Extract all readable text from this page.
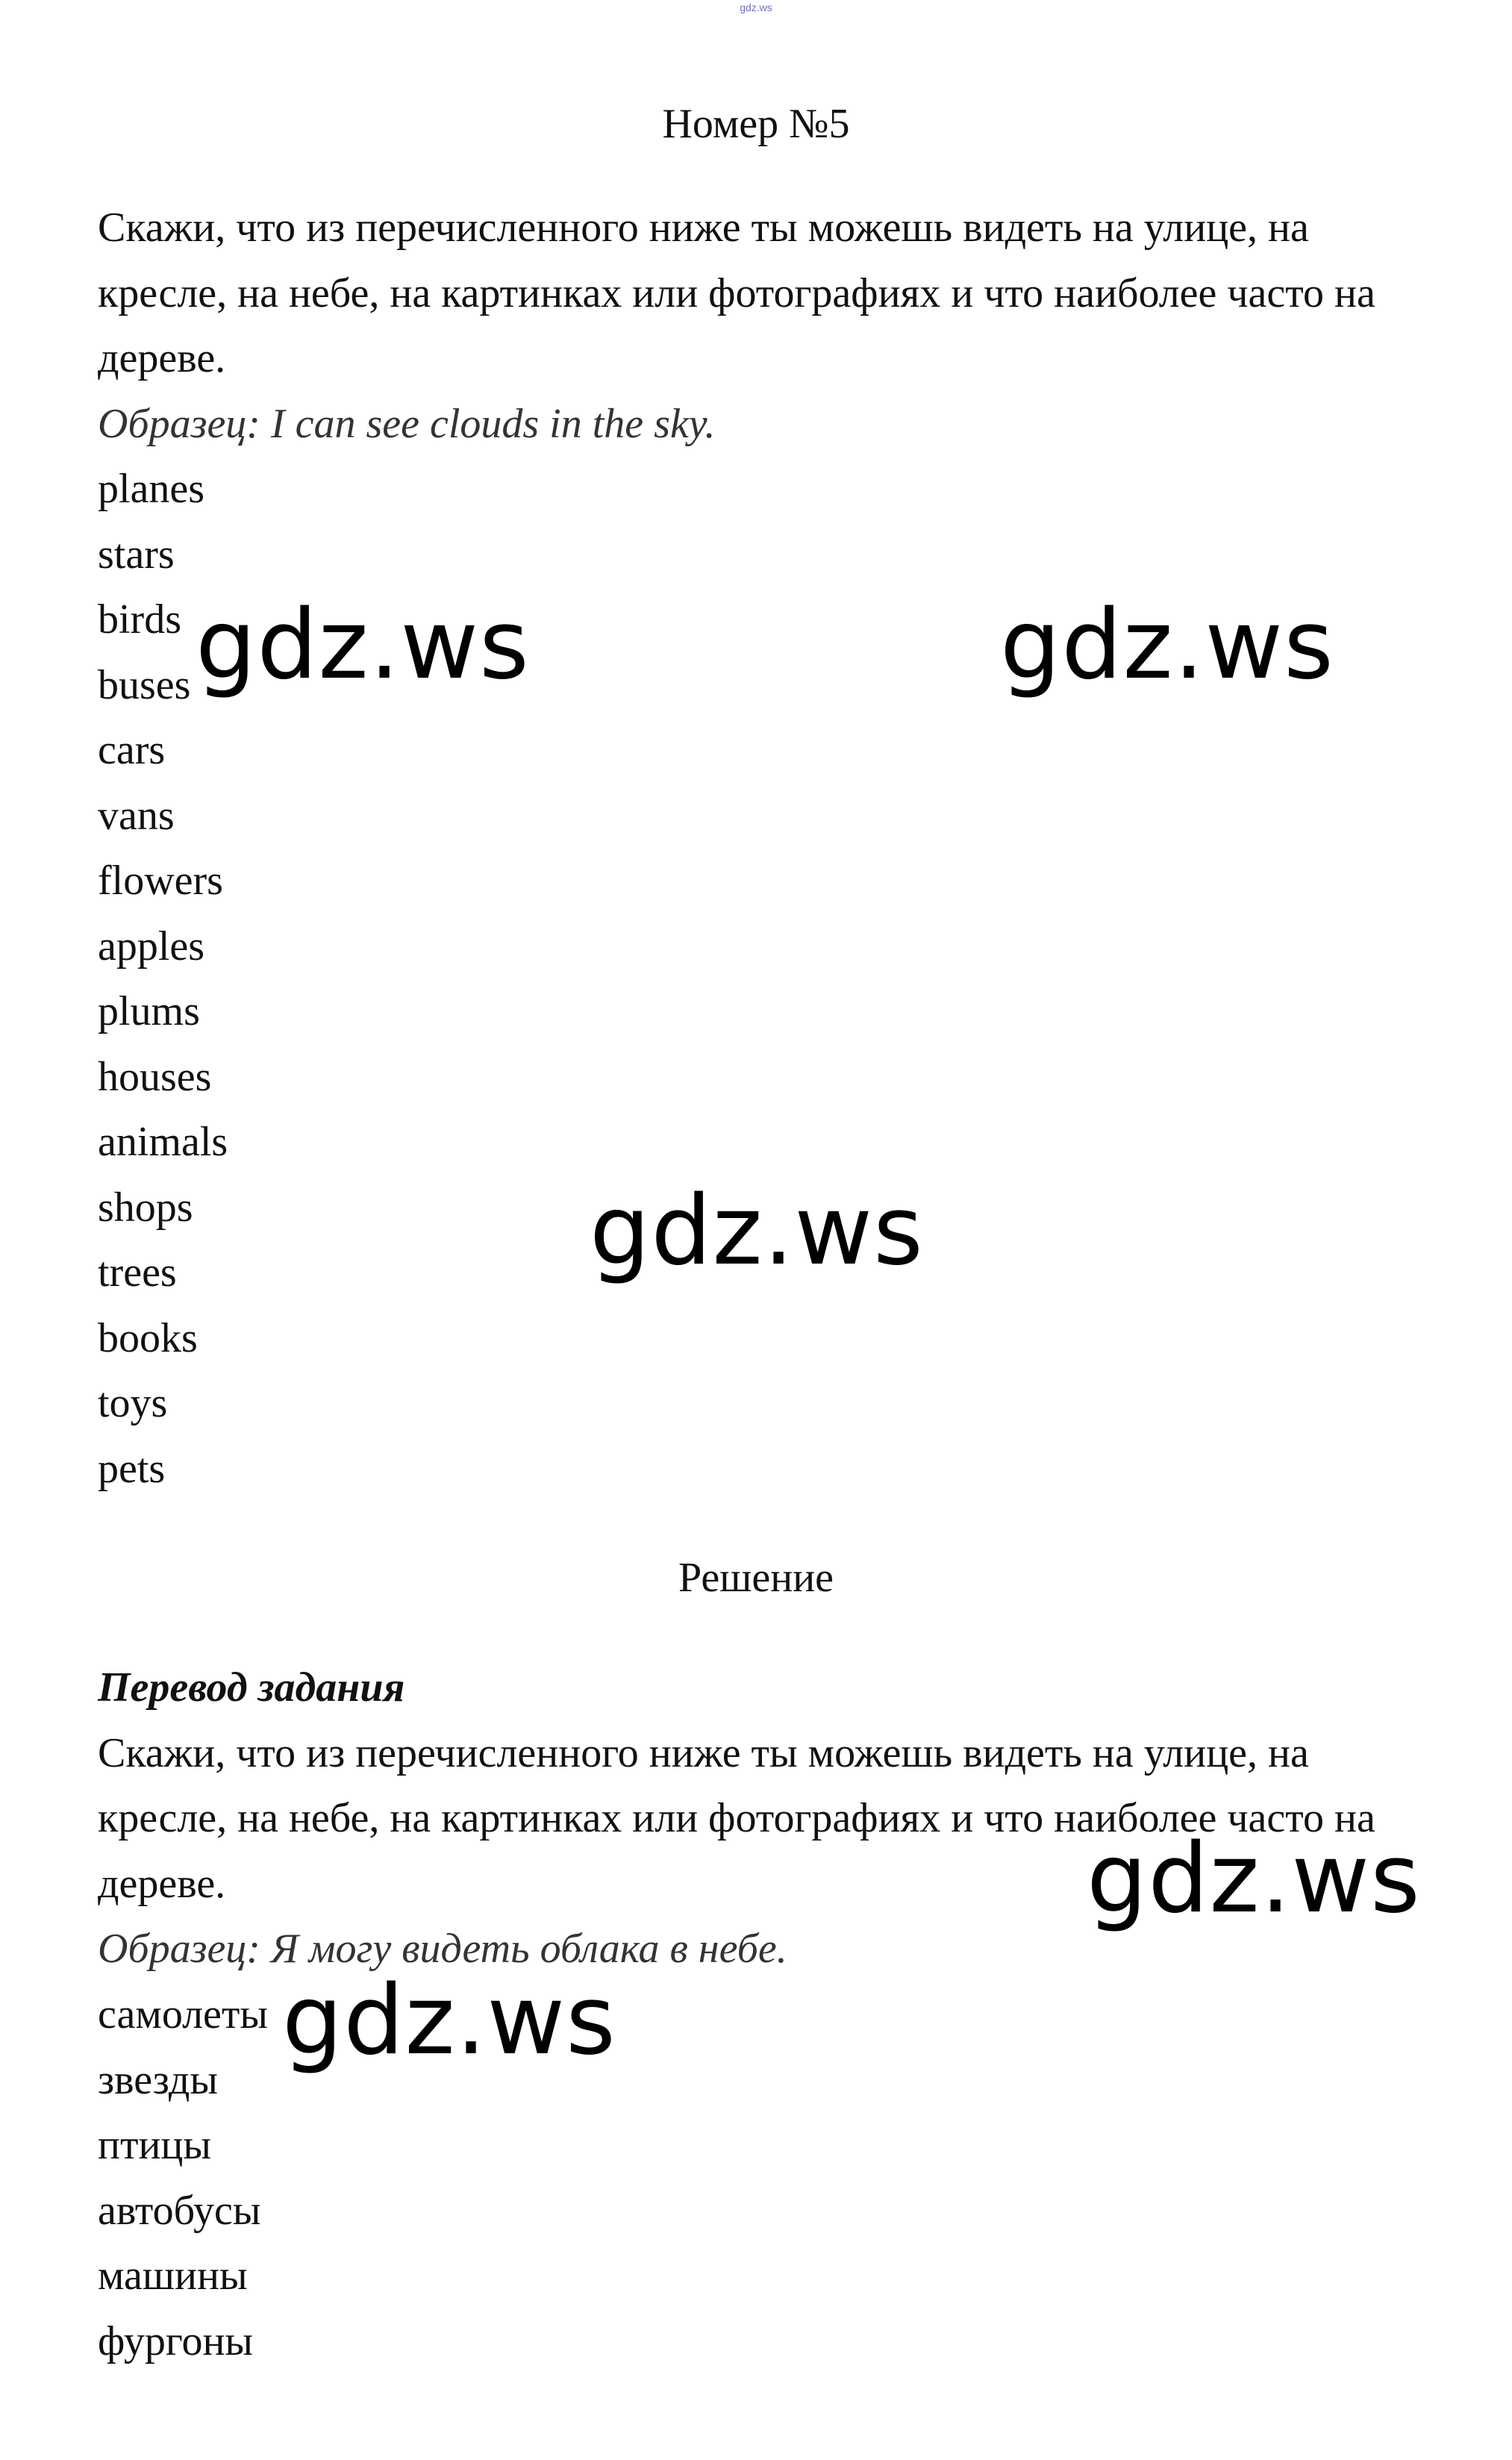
gdz.ws
Номер №5

Скажи, что из перечисленного ниже ты можешь видеть на улице, на кресле, на небе, на картинках или фотографиях и что наиболее часто на дереве.

Образец: I can see clouds in the sky.

planes
stars
birds
buses
cars
vans
flowers
apples
plums
houses
animals
shops
trees
books
toys
pets
Решение

Перевод задания

Скажи, что из перечисленного ниже ты можешь видеть на улице, на кресле, на небе, на картинках или фотографиях и что наиболее часто на дереве.

Образец: Я могу видеть облака в небе.

самолеты
звезды
птицы
автобусы
машины
фургоны
gdz.ws	gdz.ws
gdz.ws
gdz.ws
gdz.ws
